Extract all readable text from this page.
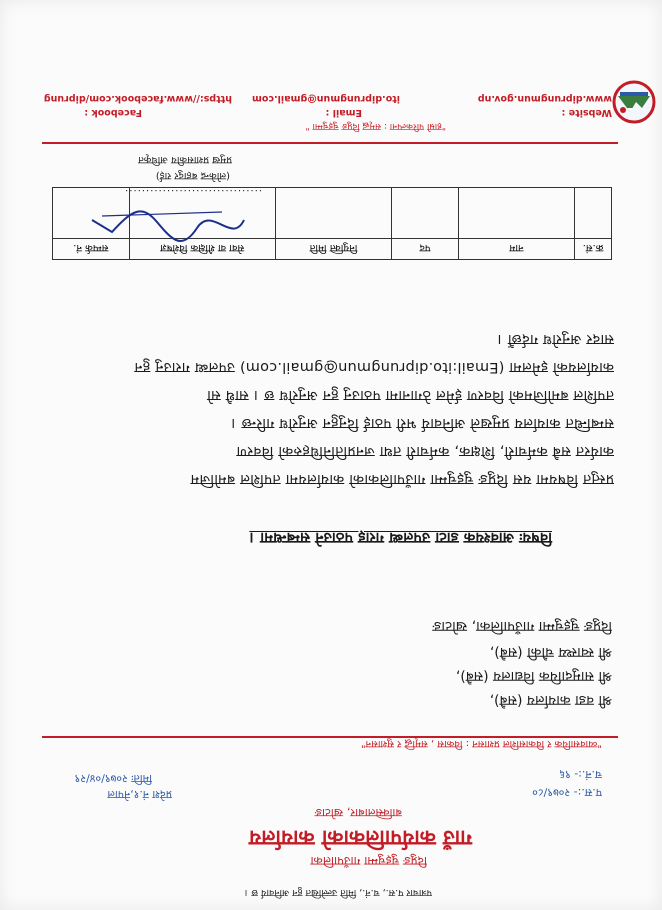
पत्राचार प.स., च.नं., मिति उल्लेखित हुन अनिवार्य छ ।
दिप्रुङ चुइचुम्मा गाउँपालिका
गाउँ कार्यपालिकाको कार्यालय
बाक्सिलाबार, खोटाङ
प.स.:- २०७९/८०
च.नं.:- ९६
प्रदेश नं.१,नेपाल
मितिः २०७९/०४/२९
"व्यावसायिक र विकासशिल प्रशासन : विकास , समृद्धि र सुशासन"
श्री वडा कार्यालय (सबै),
श्री सामुदायिक विद्यालय (सबै),
श्री स्वास्थ्य चौकी (सबै),
दिप्रुङ चुइचुम्मा गाउँपालिका, खोटाङ
विषयः आवश्यक डाटा उपलब्ध गराइ पठाउने सम्बन्धमा ।
प्रस्तुत विषयमा यस दिप्रुङ चुइचुम्मा गाउँपालिकाको कार्यालयमा तपशिल बमोजिम
कार्यरत सबै कर्मचारी, शिक्षक, कर्मचारी तथा जनप्रतिनिधिहरुको विवरण
सम्बन्धित कार्यालय प्रमुखले अनिवार्य भरी पठाई दिनुहुन अनुरोध गरिन्छ ।
तपशिल बमोजिमको विवरण ईमेल ठेगानामा पठाउनु हुन अनुरोध छ । साथै सो
कार्यालयको इमेलमा (Email:ito.diprungmun@gmail.com) उपलब्ध गराउनु हुन
सादर अनुरोध गर्दछौं ।
क्र.सं.	नाम	पद	नियुक्ति मिति	सेवा वा शैक्षिक विशेषज्ञ	सम्पर्क नं.

.................................
(लोकेन्द्र बहादुर राई)
प्रमुख प्रशासकीय अधिकृत
"हाम्रो परिकल्पना : समृद्ध दिप्रुङ चुइचुम्मा "
Website :
www.diprungmun.gov.np
Email :
ito.diprungmun@gmail.com
Facebook :
https://www.facebook.com/diprung
